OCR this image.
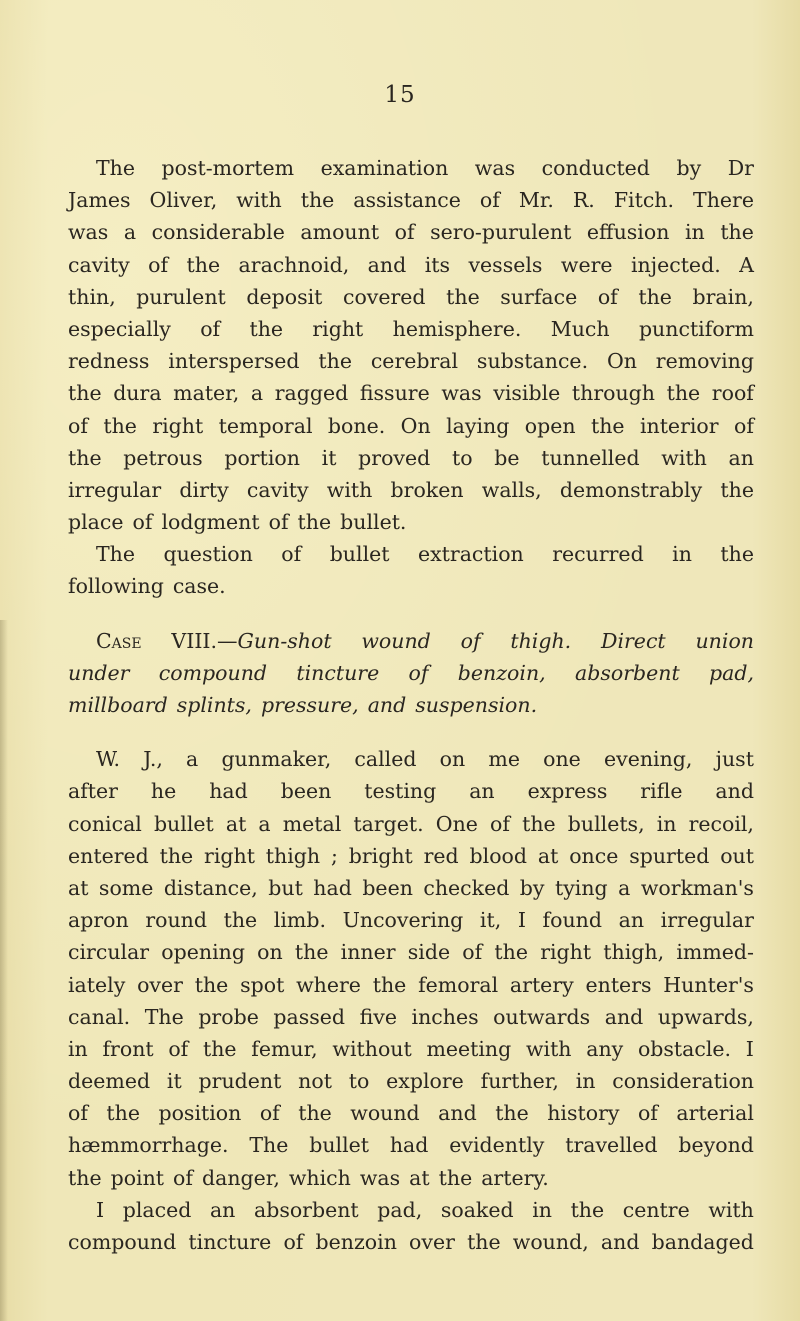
15
The post-mortem examination was conducted by Dr
James Oliver, with the assistance of Mr. R. Fitch. There
was a considerable amount of sero-purulent effusion in the
cavity of the arachnoid, and its vessels were injected. A
thin, purulent deposit covered the surface of the brain,
especially of the right hemisphere. Much punctiform
redness interspersed the cerebral substance. On removing
the dura mater, a ragged fissure was visible through the roof
of the right temporal bone. On laying open the interior of
the petrous portion it proved to be tunnelled with an
irregular dirty cavity with broken walls, demonstrably the
place of lodgment of the bullet.
The question of bullet extraction recurred in the
following case.
Case VIII.—Gun-shot wound of thigh. Direct union
under compound tincture of benzoin, absorbent pad,
millboard splints, pressure, and suspension.
W. J., a gunmaker, called on me one evening, just
after he had been testing an express rifle and
conical bullet at a metal target. One of the bullets, in recoil,
entered the right thigh ; bright red blood at once spurted out
at some distance, but had been checked by tying a workman's
apron round the limb. Uncovering it, I found an irregular
circular opening on the inner side of the right thigh, immed-
iately over the spot where the femoral artery enters Hunter's
canal. The probe passed five inches outwards and upwards,
in front of the femur, without meeting with any obstacle. I
deemed it prudent not to explore further, in consideration
of the position of the wound and the history of arterial
hæmmorrhage. The bullet had evidently travelled beyond
the point of danger, which was at the artery.
I placed an absorbent pad, soaked in the centre with
compound tincture of benzoin over the wound, and bandaged
